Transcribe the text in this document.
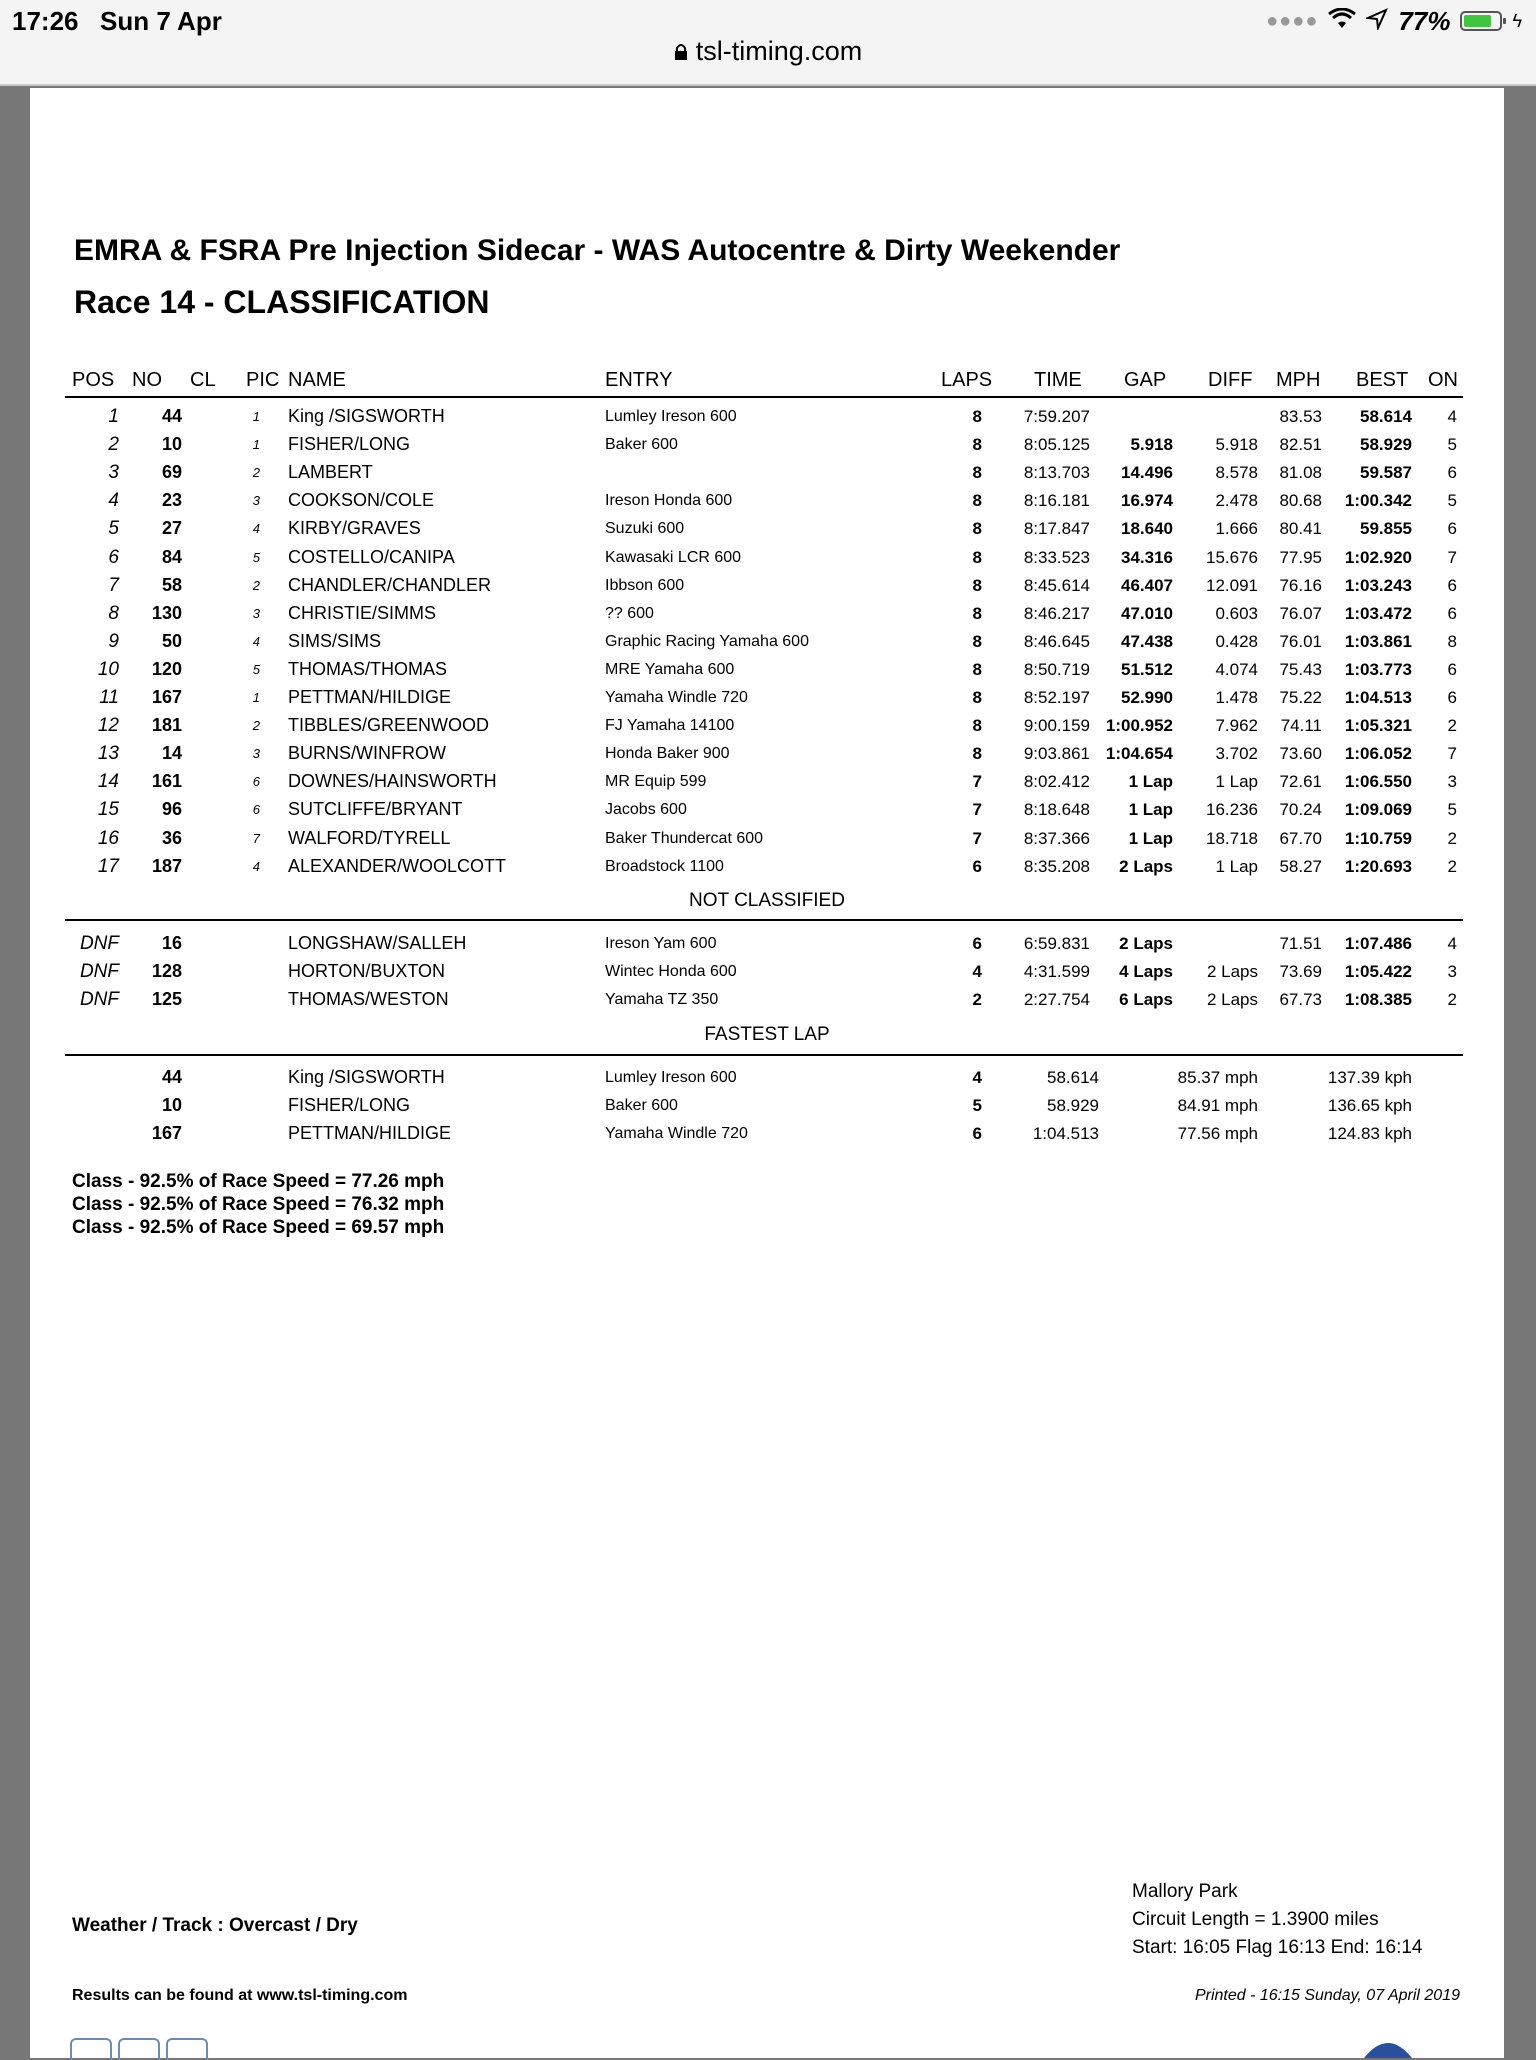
17:26 Sun 7 Apr	●●●●	77%	ϟ
tsl-timing.com
EMRA & FSRA Pre Injection Sidecar - WAS Autocentre & Dirty Weekender
Race 14 - CLASSIFICATION
POS NO CL PIC NAME	ENTRY	LAPS TIME GAP DIFF MPH BEST ON
1 44	1 King /SIGSWORTH	Lumley Ireson 600	8 7:59.207	83.53 58.614 4
2 10	1 FISHER/LONG	Baker 600	8 8:05.125 5.918 5.918 82.51 58.929 5
3 69	2 LAMBERT	8 8:13.703 14.496 8.578 81.08 59.587 6
4 23	3 COOKSON/COLE	Ireson Honda 600	8 8:16.181 16.974 2.478 80.68 1:00.342 5
5 27	4 KIRBY/GRAVES	Suzuki 600	8 8:17.847 18.640 1.666 80.41 59.855 6
6 84	5 COSTELLO/CANIPA	Kawasaki LCR 600	8 8:33.523 34.316 15.676 77.95 1:02.920 7
7 58	2 CHANDLER/CHANDLER	Ibbson 600	8 8:45.614 46.407 12.091 76.16 1:03.243 6
8 130	3 CHRISTIE/SIMMS	?? 600	8 8:46.217 47.010 0.603 76.07 1:03.472 6
9 50	4 SIMS/SIMS	Graphic Racing Yamaha 600	8 8:46.645 47.438 0.428 76.01 1:03.861 8
10 120	5 THOMAS/THOMAS	MRE Yamaha 600	8 8:50.719 51.512 4.074 75.43 1:03.773 6
11 167	1 PETTMAN/HILDIGE	Yamaha Windle 720	8 8:52.197 52.990 1.478 75.22 1:04.513 6
12 181	2 TIBBLES/GREENWOOD	FJ Yamaha 14100	8 9:00.159 1:00.952 7.962 74.11 1:05.321 2
13 14	3 BURNS/WINFROW	Honda Baker 900	8 9:03.861 1:04.654 3.702 73.60 1:06.052 7
14 161	6 DOWNES/HAINSWORTH	MR Equip 599	7 8:02.412 1 Lap 1 Lap 72.61 1:06.550 3
15 96	6 SUTCLIFFE/BRYANT	Jacobs 600	7 8:18.648 1 Lap 16.236 70.24 1:09.069 5
16 36	7 WALFORD/TYRELL	Baker Thundercat 600	7 8:37.366 1 Lap 18.718 67.70 1:10.759 2
17 187	4 ALEXANDER/WOOLCOTT	Broadstock 1100	6 8:35.208 2 Laps 1 Lap 58.27 1:20.693 2
NOT CLASSIFIED
DNF 16	LONGSHAW/SALLEH	Ireson Yam 600	6 6:59.831 2 Laps	71.51 1:07.486 4
DNF 128	HORTON/BUXTON	Wintec Honda 600	4 4:31.599 4 Laps 2 Laps 73.69 1:05.422 3
DNF 125	THOMAS/WESTON	Yamaha TZ 350	2 2:27.754 6 Laps 2 Laps 67.73 1:08.385 2
FASTEST LAP
44	King /SIGSWORTH	Lumley Ireson 600	4	58.614	85.37 mph	137.39 kph
10	FISHER/LONG	Baker 600	5	58.929	84.91 mph	136.65 kph
167	PETTMAN/HILDIGE	Yamaha Windle 720	6	1:04.513	77.56 mph	124.83 kph
Class - 92.5% of Race Speed = 77.26 mph
Class - 92.5% of Race Speed = 76.32 mph
Class - 92.5% of Race Speed = 69.57 mph
Weather / Track : Overcast / Dry
Mallory Park
Circuit Length = 1.3900 miles
Start: 16:05 Flag 16:13 End: 16:14
Results can be found at www.tsl-timing.com	Printed - 16:15 Sunday, 07 April 2019
